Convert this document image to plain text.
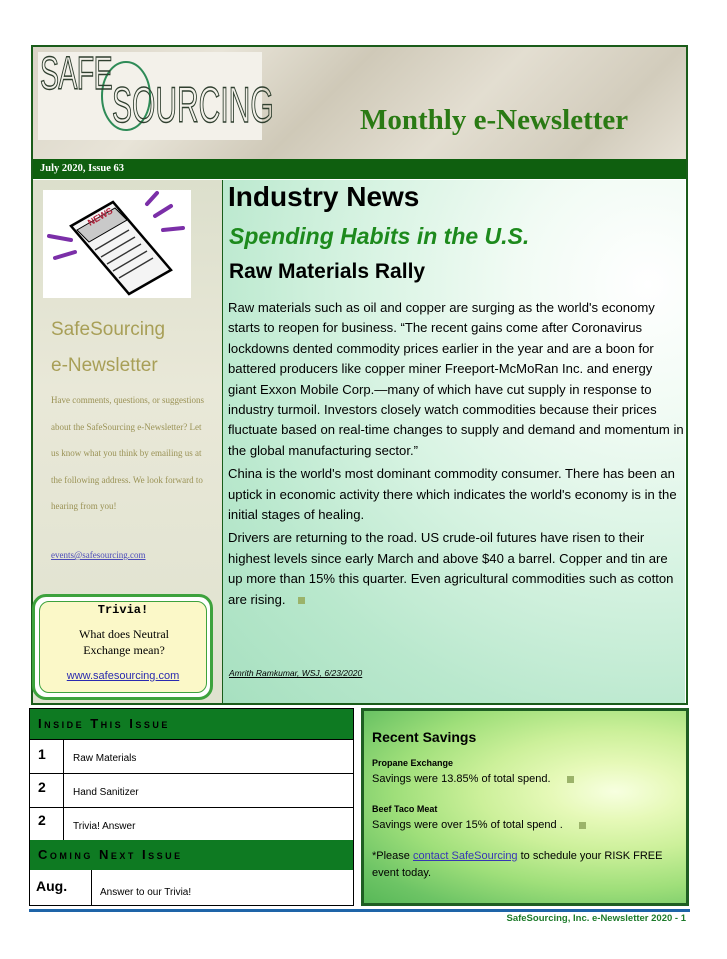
SAFE
SOURCING	Monthly e-Newsletter
July 2020, Issue 63
NEWS
SafeSourcing
e-Newsletter
Have comments, questions, or suggestions about the SafeSourcing e-Newsletter? Let us know what you think by emailing us at the following address. We look forward to hearing from you!
events@safesourcing.com
Trivia!
What does Neutral Exchange mean?
www.safesourcing.com
Industry News
Spending Habits in the U.S.
Raw Materials Rally

Raw materials such as oil and copper are surging as the world's economy starts to reopen for business. “The recent gains come after Coronavirus lockdowns dented commodity prices earlier in the year and are a boon for battered producers like copper miner Freeport-McMoRan Inc. and energy giant Exxon Mobile Corp.—many of which have cut supply in response to industry turmoil. Investors closely watch commodities because their prices fluctuate based on real-time changes to supply and demand and momentum in the global manufacturing sector.”

China is the world's most dominant commodity consumer. There has been an uptick in economic activity there which indicates the world's economy is in the initial stages of healing.

Drivers are returning to the road. US crude-oil futures have risen to their highest levels since early March and above $40 a barrel. Copper and tin are up more than 15% this quarter. Even agricultural commodities such as cotton are rising.

Amrith Ramkumar, WSJ, 6/23/2020
Inside This Issue
1	Raw Materials
2	Hand Sanitizer
2	Trivia! Answer
Coming Next Issue
Aug.	Answer to our Trivia!
Recent Savings
Propane Exchange
Savings were 13.85% of total spend.
Beef Taco Meat
Savings were over 15% of total spend .
*Please contact SafeSourcing to schedule your RISK FREE event today.
SafeSourcing, Inc. e-Newsletter 2020 - 1
